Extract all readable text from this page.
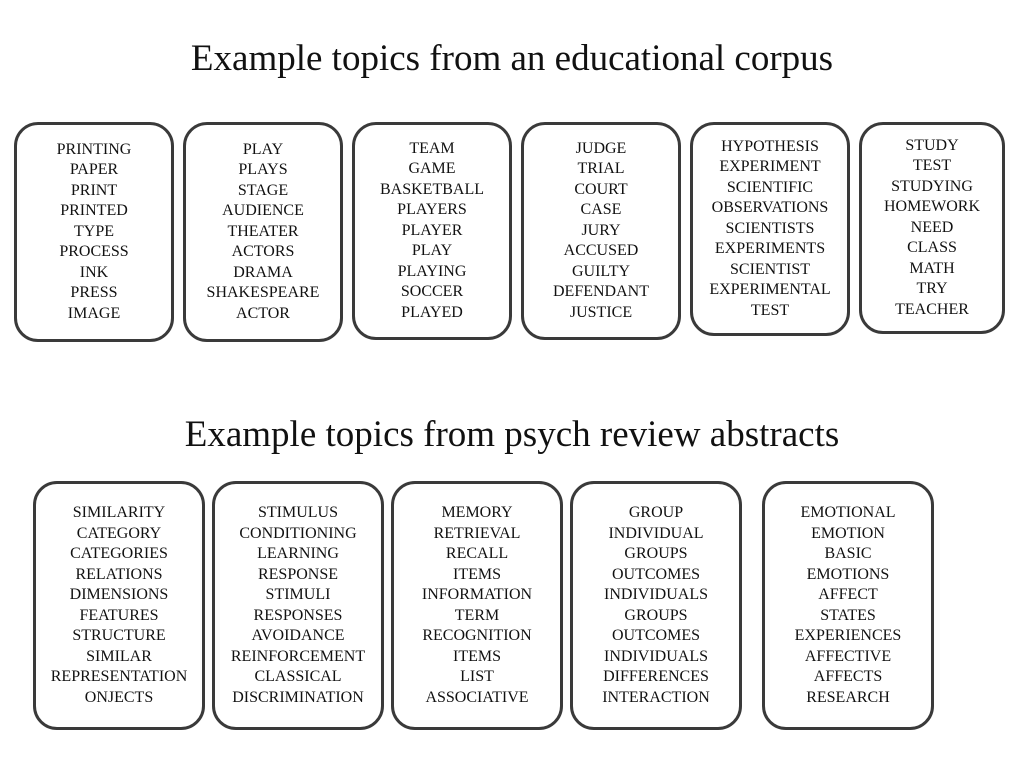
Example topics from an educational corpus
Example topics from psych review abstracts
PRINTING
PAPER
PRINT
PRINTED
TYPE
PROCESS
INK
PRESS
IMAGE
PLAY
PLAYS
STAGE
AUDIENCE
THEATER
ACTORS
DRAMA
SHAKESPEARE
ACTOR
TEAM
GAME
BASKETBALL
PLAYERS
PLAYER
PLAY
PLAYING
SOCCER
PLAYED
JUDGE
TRIAL
COURT
CASE
JURY
ACCUSED
GUILTY
DEFENDANT
JUSTICE
HYPOTHESIS
EXPERIMENT
SCIENTIFIC
OBSERVATIONS
SCIENTISTS
EXPERIMENTS
SCIENTIST
EXPERIMENTAL
TEST
STUDY
TEST
STUDYING
HOMEWORK
NEED
CLASS
MATH
TRY
TEACHER
SIMILARITY
CATEGORY
CATEGORIES
RELATIONS
DIMENSIONS
FEATURES
STRUCTURE
SIMILAR
REPRESENTATION
ONJECTS
STIMULUS
CONDITIONING
LEARNING
RESPONSE
STIMULI
RESPONSES
AVOIDANCE
REINFORCEMENT
CLASSICAL
DISCRIMINATION
MEMORY
RETRIEVAL
RECALL
ITEMS
INFORMATION
TERM
RECOGNITION
ITEMS
LIST
ASSOCIATIVE
GROUP
INDIVIDUAL
GROUPS
OUTCOMES
INDIVIDUALS
GROUPS
OUTCOMES
INDIVIDUALS
DIFFERENCES
INTERACTION
EMOTIONAL
EMOTION
BASIC
EMOTIONS
AFFECT
STATES
EXPERIENCES
AFFECTIVE
AFFECTS
RESEARCH
